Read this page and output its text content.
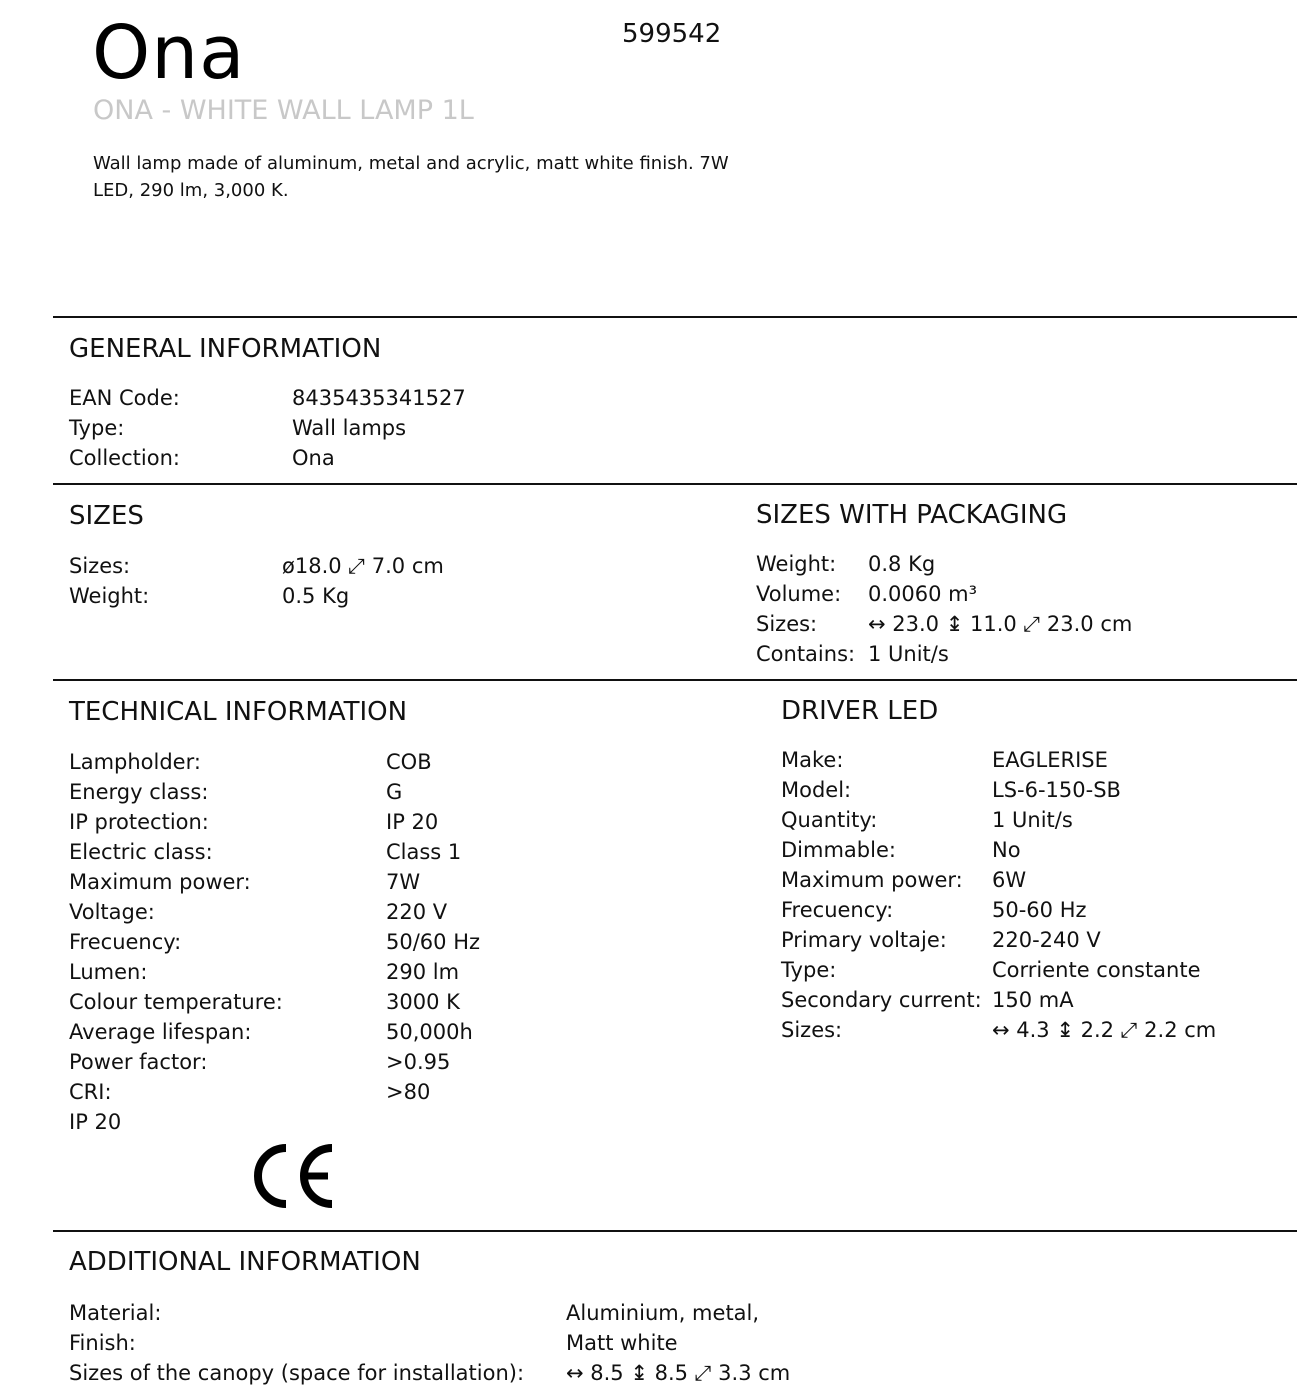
Ona	599542
ONA - WHITE WALL LAMP 1L
Wall lamp made of aluminum, metal and acrylic, matt white finish. 7W LED, 290 lm, 3,000 K.
GENERAL INFORMATION
EAN Code:	8435435341527
Type:	Wall lamps
Collection:	Ona
SIZES
Sizes:	ø18.0 ⤢ 7.0 cm
Weight:	0.5 Kg
SIZES WITH PACKAGING
Weight: 0.8 Kg
Volume: 0.0060 m³
Sizes: ↔ 23.0 ↨ 11.0 ⤢ 23.0 cm
Contains: 1 Unit/s
TECHNICAL INFORMATION
Lampholder:	COB
Energy class:	G
IP protection:	IP 20
Electric class:	Class 1
Maximum power:	7W
Voltage:	220 V
Frecuency:	50/60 Hz
Lumen:	290 lm
Colour temperature:	3000 K
Average lifespan:	50,000h
Power factor:	>0.95
CRI:	>80
IP 20
DRIVER LED
Make:	EAGLERISE
Model:	LS-6-150-SB
Quantity:	1 Unit/s
Dimmable:	No
Maximum power: 6W
Frecuency:	50-60 Hz
Primary voltaje: 220-240 V
Type:	Corriente constante
Secondary current: 150 mA
Sizes:	↔ 4.3 ↨ 2.2 ⤢ 2.2 cm
ADDITIONAL INFORMATION
Material:	Aluminium, metal,
Finish:	Matt white
Sizes of the canopy (space for installation): ↔ 8.5 ↨ 8.5 ⤢ 3.3 cm
